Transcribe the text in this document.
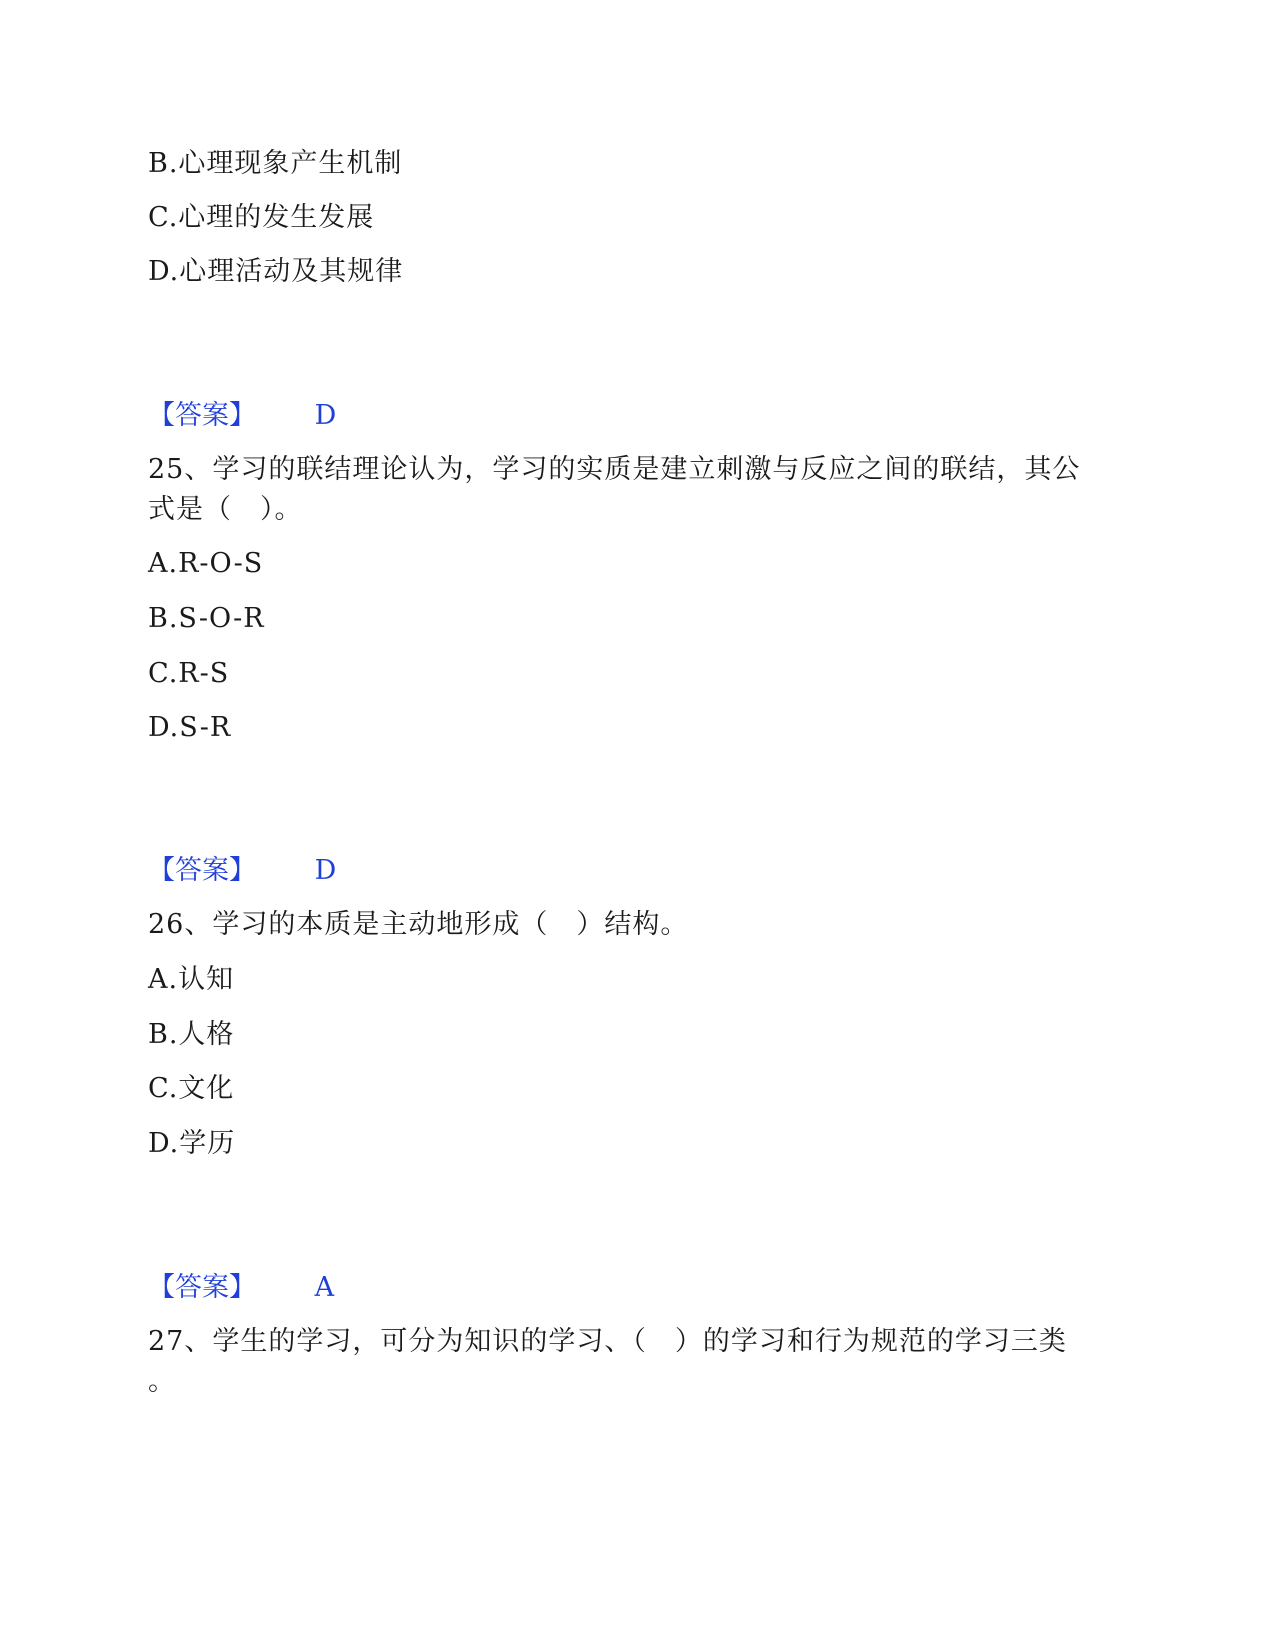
B.心理现象产生机制
C.心理的发生发展
D.心理活动及其规律
【答案】 D
25、学习的联结理论认为，学习的实质是建立刺激与反应之间的联结，其公
式是（　）。
A.R-O-S
B.S-O-R
C.R-S
D.S-R
【答案】 D
26、学习的本质是主动地形成（　）结构。
A.认知
B.人格
C.文化
D.学历
【答案】 A
27、学生的学习，可分为知识的学习、（　）的学习和行为规范的学习三类
。
